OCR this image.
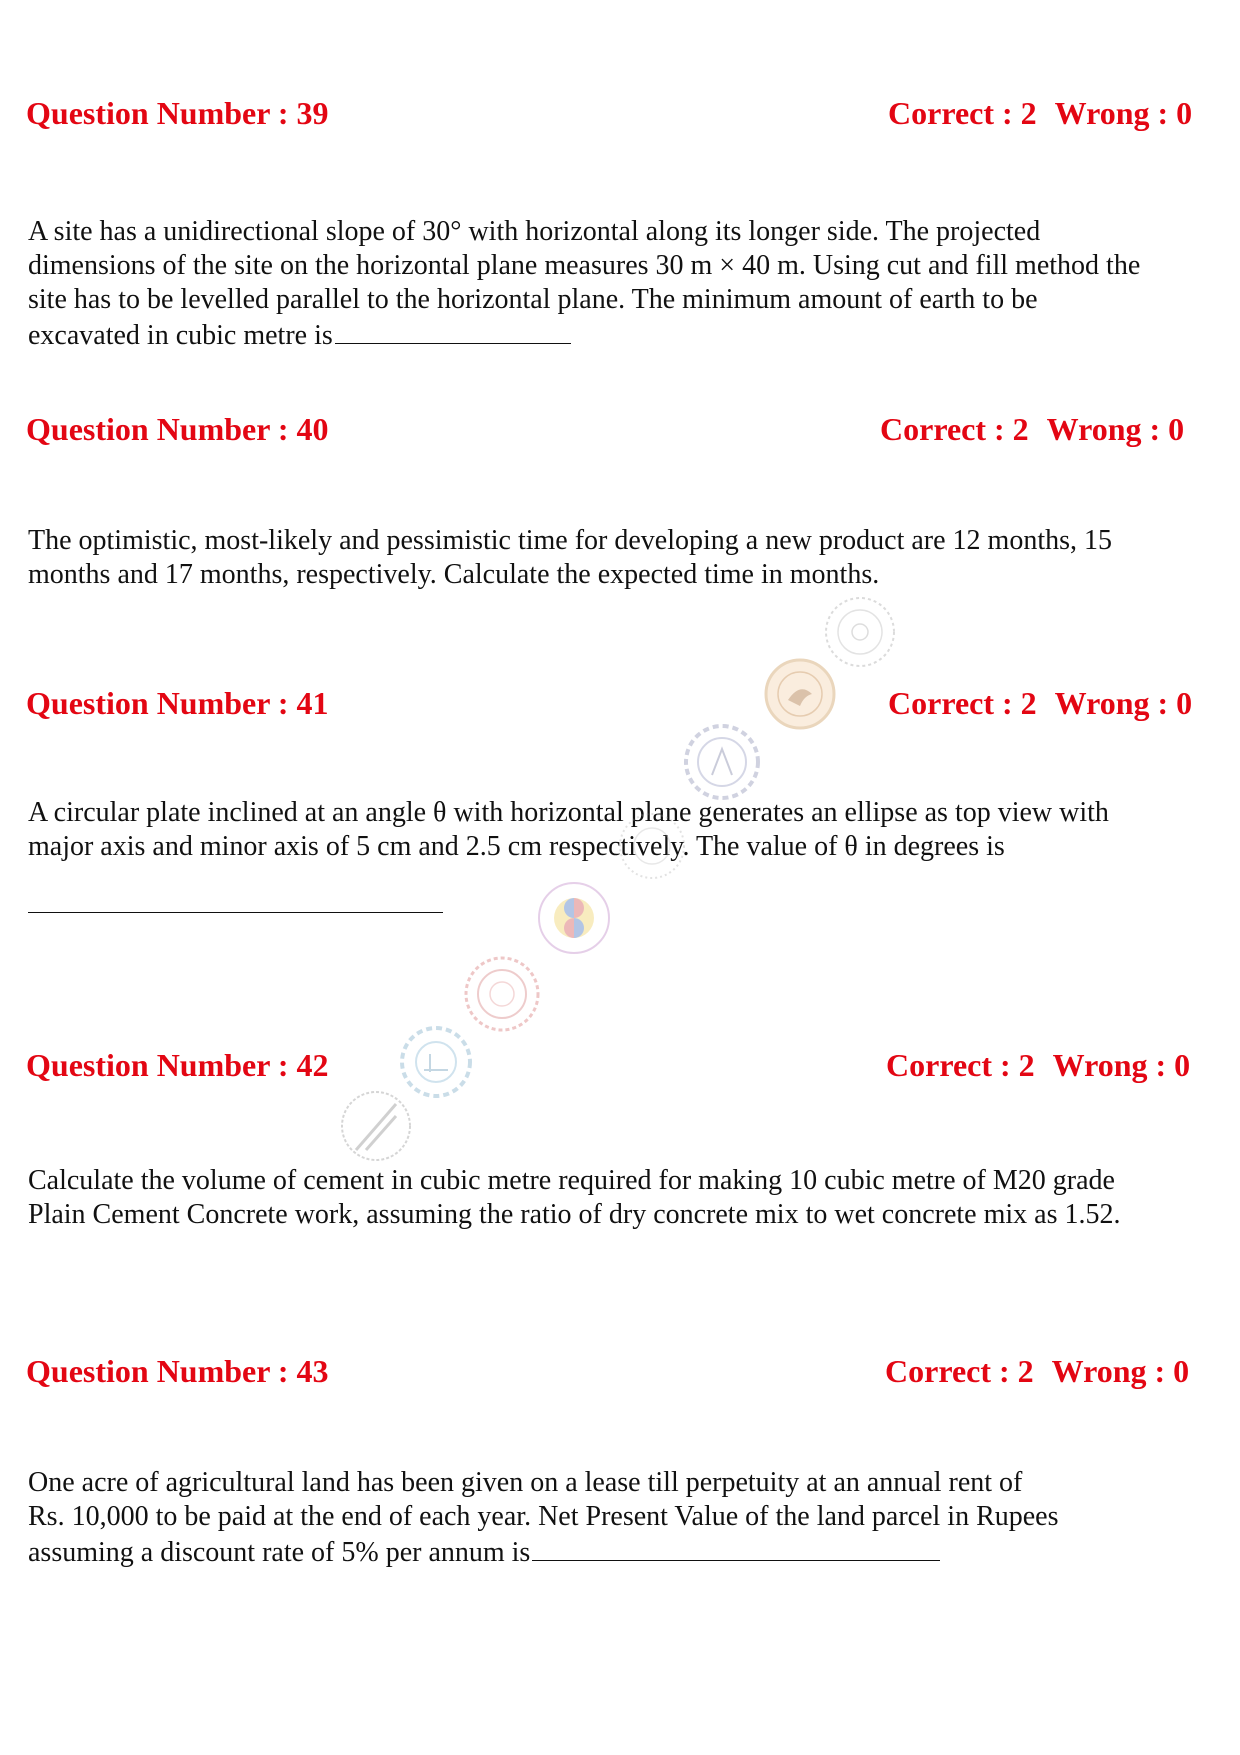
Question Number : 39	Correct : 2 Wrong : 0
A site has a unidirectional slope of 30° with horizontal along its longer side. The projected
dimensions of the site on the horizontal plane measures 30 m × 40 m. Using cut and fill method the
site has to be levelled parallel to the horizontal plane. The minimum amount of earth to be
excavated in cubic metre is
Question Number : 40	Correct : 2 Wrong : 0
The optimistic, most-likely and pessimistic time for developing a new product are 12 months, 15
months and 17 months, respectively. Calculate the expected time in months.
Question Number : 41	Correct : 2 Wrong : 0
A circular plate inclined at an angle θ with horizontal plane generates an ellipse as top view with
major axis and minor axis of 5 cm and 2.5 cm respectively. The value of θ in degrees is
Question Number : 42	Correct : 2 Wrong : 0
Calculate the volume of cement in cubic metre required for making 10 cubic metre of M20 grade
Plain Cement Concrete work, assuming the ratio of dry concrete mix to wet concrete mix as 1.52.
Question Number : 43	Correct : 2 Wrong : 0
One acre of agricultural land has been given on a lease till perpetuity at an annual rent of
Rs. 10,000 to be paid at the end of each year. Net Present Value of the land parcel in Rupees
assuming a discount rate of 5% per annum is
